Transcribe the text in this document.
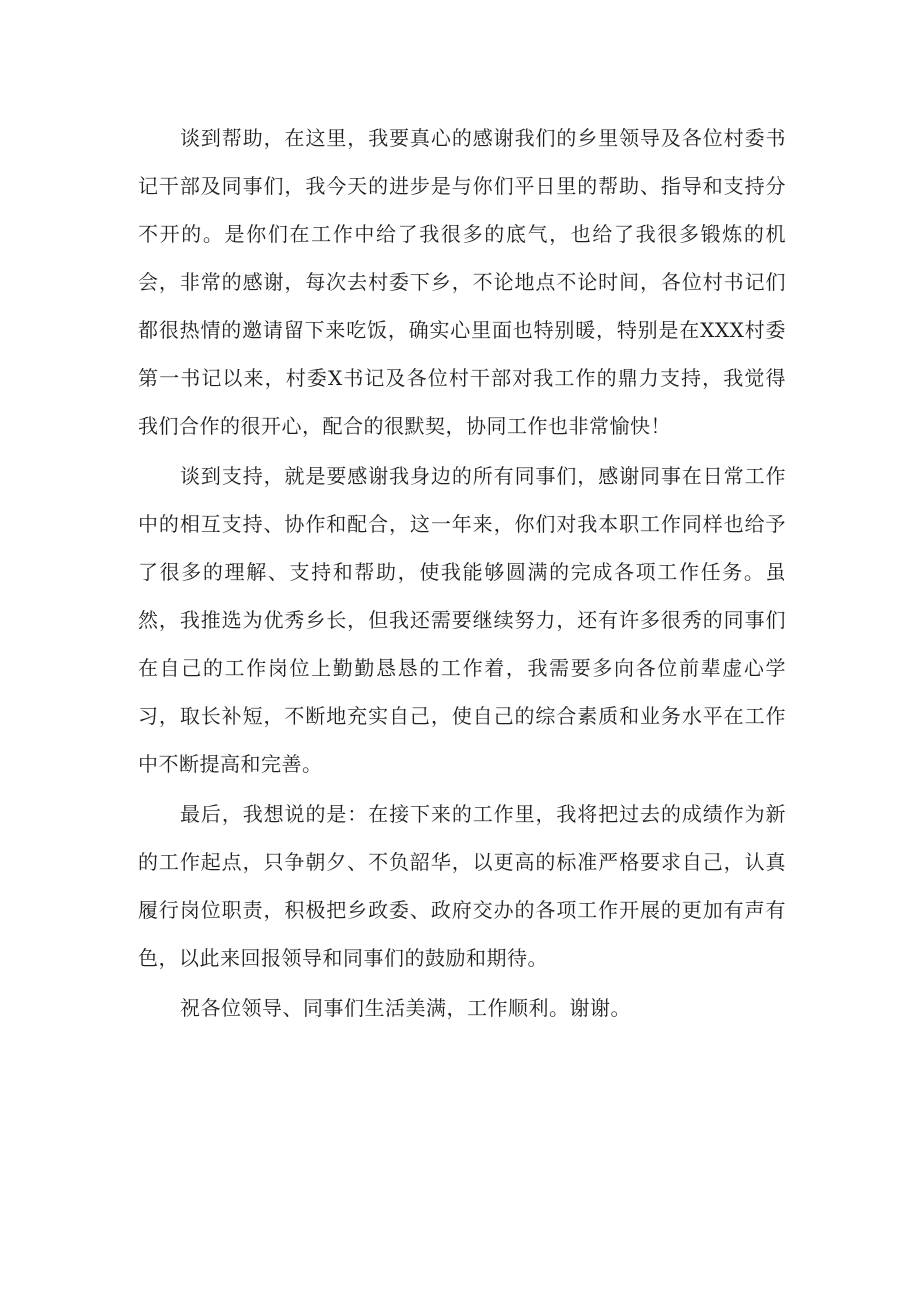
谈到帮助，在这里，我要真心的感谢我们的乡里领导及各位村委书记干部及同事们，我今天的进步是与你们平日里的帮助、指导和支持分不开的。是你们在工作中给了我很多的底气，也给了我很多锻炼的机会，非常的感谢，每次去村委下乡，不论地点不论时间，各位村书记们都很热情的邀请留下来吃饭，确实心里面也特别暖，特别是在XXX村委第一书记以来，村委X书记及各位村干部对我工作的鼎力支持，我觉得我们合作的很开心，配合的很默契，协同工作也非常愉快！

谈到支持，就是要感谢我身边的所有同事们，感谢同事在日常工作中的相互支持、协作和配合，这一年来，你们对我本职工作同样也给予了很多的理解、支持和帮助，使我能够圆满的完成各项工作任务。虽然，我推选为优秀乡长，但我还需要继续努力，还有许多很秀的同事们在自己的工作岗位上勤勤恳恳的工作着，我需要多向各位前辈虚心学习，取长补短，不断地充实自己，使自己的综合素质和业务水平在工作中不断提高和完善。

最后，我想说的是：在接下来的工作里，我将把过去的成绩作为新的工作起点，只争朝夕、不负韶华，以更高的标准严格要求自己，认真履行岗位职责，积极把乡政委、政府交办的各项工作开展的更加有声有色，以此来回报领导和同事们的鼓励和期待。

祝各位领导、同事们生活美满，工作顺利。谢谢。
